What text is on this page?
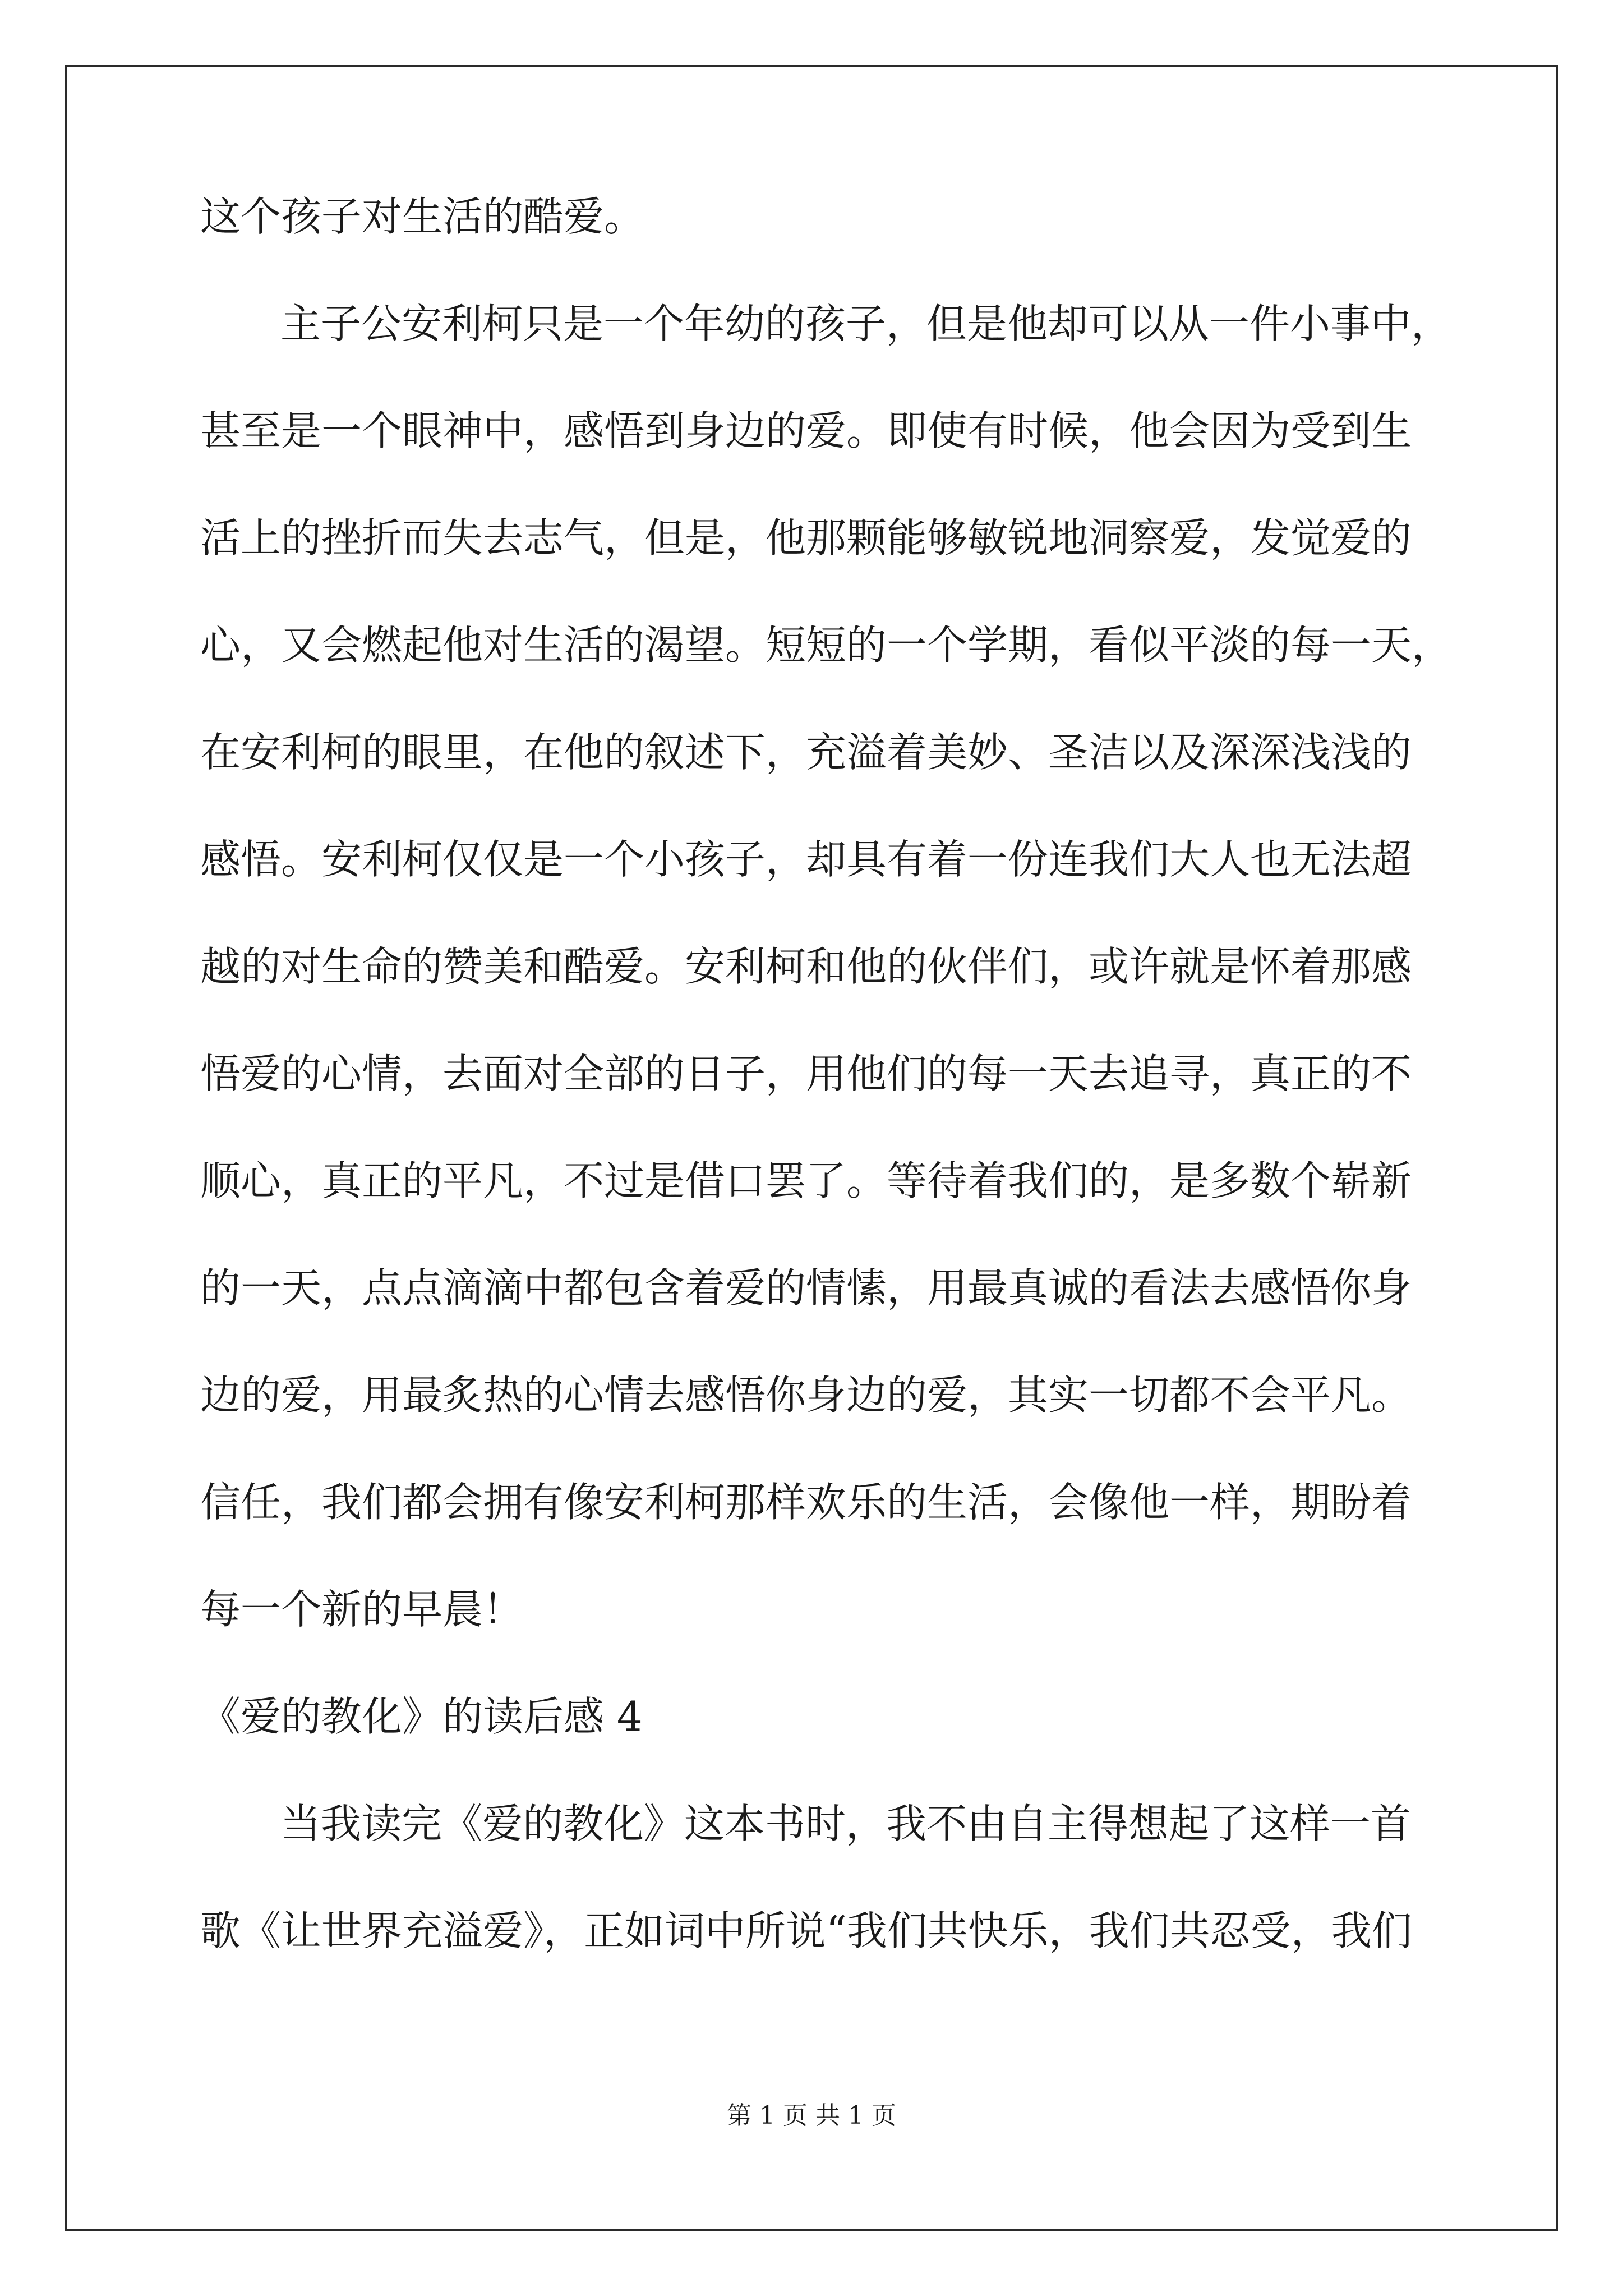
这个孩子对生活的酷爱。
主子公安利柯只是一个年幼的孩子，但是他却可以从一件小事中，
甚至是一个眼神中，感悟到身边的爱。即使有时候，他会因为受到生
活上的挫折而失去志气，但是，他那颗能够敏锐地洞察爱，发觉爱的
心，又会燃起他对生活的渴望。短短的一个学期，看似平淡的每一天，
在安利柯的眼里，在他的叙述下，充溢着美妙、圣洁以及深深浅浅的
感悟。安利柯仅仅是一个小孩子，却具有着一份连我们大人也无法超
越的对生命的赞美和酷爱。安利柯和他的伙伴们，或许就是怀着那感
悟爱的心情，去面对全部的日子，用他们的每一天去追寻，真正的不
顺心，真正的平凡，不过是借口罢了。等待着我们的，是多数个崭新
的一天，点点滴滴中都包含着爱的情愫，用最真诚的看法去感悟你身
边的爱，用最炙热的心情去感悟你身边的爱，其实一切都不会平凡。
信任，我们都会拥有像安利柯那样欢乐的生活，会像他一样，期盼着
每一个新的早晨！
《爱的教化》的读后感 4
当我读完《爱的教化》这本书时，我不由自主得想起了这样一首
歌《让世界充溢爱》，正如词中所说“我们共快乐，我们共忍受，我们
第 1 页 共 1 页
